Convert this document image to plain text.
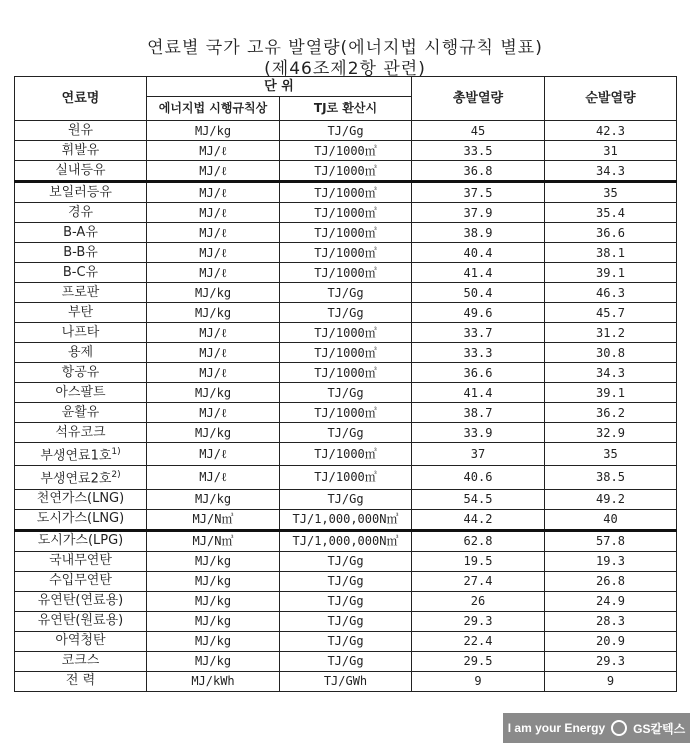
연료별 국가 고유 발열량(에너지법 시행규칙 별표)
(제46조제2항 관련)
연료명	단 위		총발열량	순발열량
	에너지법 시행규칙상	TJ로 환산시		
원유	MJ/kg	TJ/Gg	45	42.3
휘발유	MJ/ℓ	TJ/1000㎥	33.5	31
실내등유	MJ/ℓ	TJ/1000㎥	36.8	34.3
보일러등유	MJ/ℓ	TJ/1000㎥	37.5	35
경유	MJ/ℓ	TJ/1000㎥	37.9	35.4
B-A유	MJ/ℓ	TJ/1000㎥	38.9	36.6
B-B유	MJ/ℓ	TJ/1000㎥	40.4	38.1
B-C유	MJ/ℓ	TJ/1000㎥	41.4	39.1
프로판	MJ/kg	TJ/Gg	50.4	46.3
부탄	MJ/kg	TJ/Gg	49.6	45.7
나프타	MJ/ℓ	TJ/1000㎥	33.7	31.2
용제	MJ/ℓ	TJ/1000㎥	33.3	30.8
항공유	MJ/ℓ	TJ/1000㎥	36.6	34.3
아스팔트	MJ/kg	TJ/Gg	41.4	39.1
윤활유	MJ/ℓ	TJ/1000㎥	38.7	36.2
석유코크	MJ/kg	TJ/Gg	33.9	32.9
부생연료1호$^{1)}$	MJ/ℓ	TJ/1000㎥	37	35
부생연료2호$^{2)}$	MJ/ℓ	TJ/1000㎥	40.6	38.5
천연가스(LNG)	MJ/kg	TJ/Gg	54.5	49.2
도시가스(LNG)	MJ/N㎥	TJ/1,000,000N㎥	44.2	40
도시가스(LPG)	MJ/N㎥	TJ/1,000,000N㎥	62.8	57.8
국내무연탄	MJ/kg	TJ/Gg	19.5	19.3
수입무연탄	MJ/kg	TJ/Gg	27.4	26.8
유연탄(연료용)	MJ/kg	TJ/Gg	26	24.9
유연탄(원료용)	MJ/kg	TJ/Gg	29.3	28.3
아역청탄	MJ/kg	TJ/Gg	22.4	20.9
코크스	MJ/kg	TJ/Gg	29.5	29.3
전 력	MJ/kWh	TJ/GWh	9	9
I am your Energy GS칼텍스
